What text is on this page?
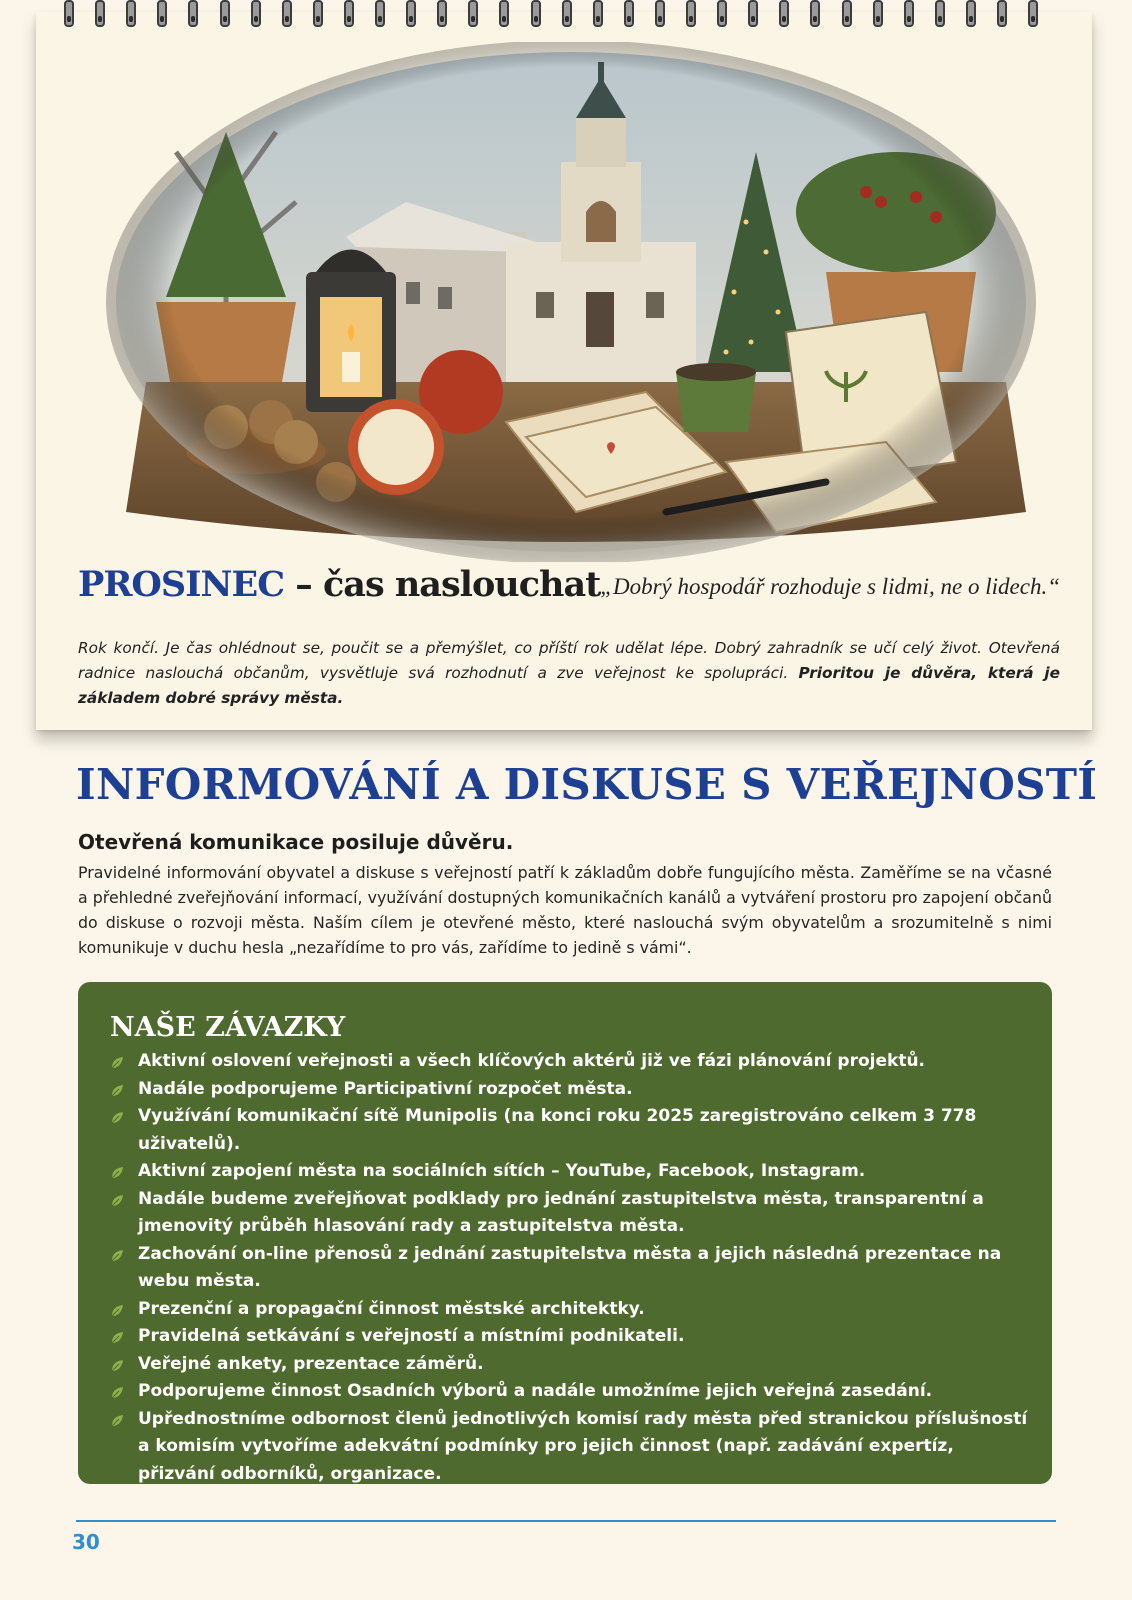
PROSINEC – čas naslouchat „Dobrý hospodář rozhoduje s lidmi, ne o lidech.“

Rok končí. Je čas ohlédnout se, poučit se a přemýšlet, co příští rok udělat lépe. Dobrý zahradník se učí celý život. Otevřená radnice naslouchá občanům, vysvětluje svá rozhodnutí a zve veřejnost ke spolupráci. Prioritou je důvěra, která je základem dobré správy města.

INFORMOVÁNÍ A DISKUSE S VEŘEJNOSTÍ

Otevřená komunikace posiluje důvěru.

Pravidelné informování obyvatel a diskuse s veřejností patří k základům dobře fungujícího města. Zaměříme se na včasné a přehledné zveřejňování informací, využívání dostupných komunikačních kanálů a vytváření prostoru pro zapojení občanů do diskuse o rozvoji města. Naším cílem je otevřené město, které naslouchá svým obyvatelům a srozumitelně s nimi komunikuje v duchu hesla „nezařídíme to pro vás, zařídíme to jedině s vámi“.

NAŠE ZÁVAZKY
Aktivní oslovení veřejnosti a všech klíčových aktérů již ve fázi plánování projektů.
Nadále podporujeme Participativní rozpočet města.
Využívání komunikační sítě Munipolis (na konci roku 2025 zaregistrováno celkem 3 778 uživatelů).
Aktivní zapojení města na sociálních sítích – YouTube, Facebook, Instagram.
Nadále budeme zveřejňovat podklady pro jednání zastupitelstva města, transparentní a jmenovitý průběh hlasování rady a zastupitelstva města.
Zachování on-line přenosů z jednání zastupitelstva města a jejich následná prezentace na webu města.
Prezenční a propagační činnost městské architektky.
Pravidelná setkávání s veřejností a místními podnikateli.
Veřejné ankety, prezentace záměrů.
Podporujeme činnost Osadních výborů a nadále umožníme jejich veřejná zasedání.
Upřednostníme odbornost členů jednotlivých komisí rady města před stranickou příslušností a komisím vytvoříme adekvátní podmínky pro jejich činnost (např. zadávání expertíz, přizvání odborníků, organizace.

30
